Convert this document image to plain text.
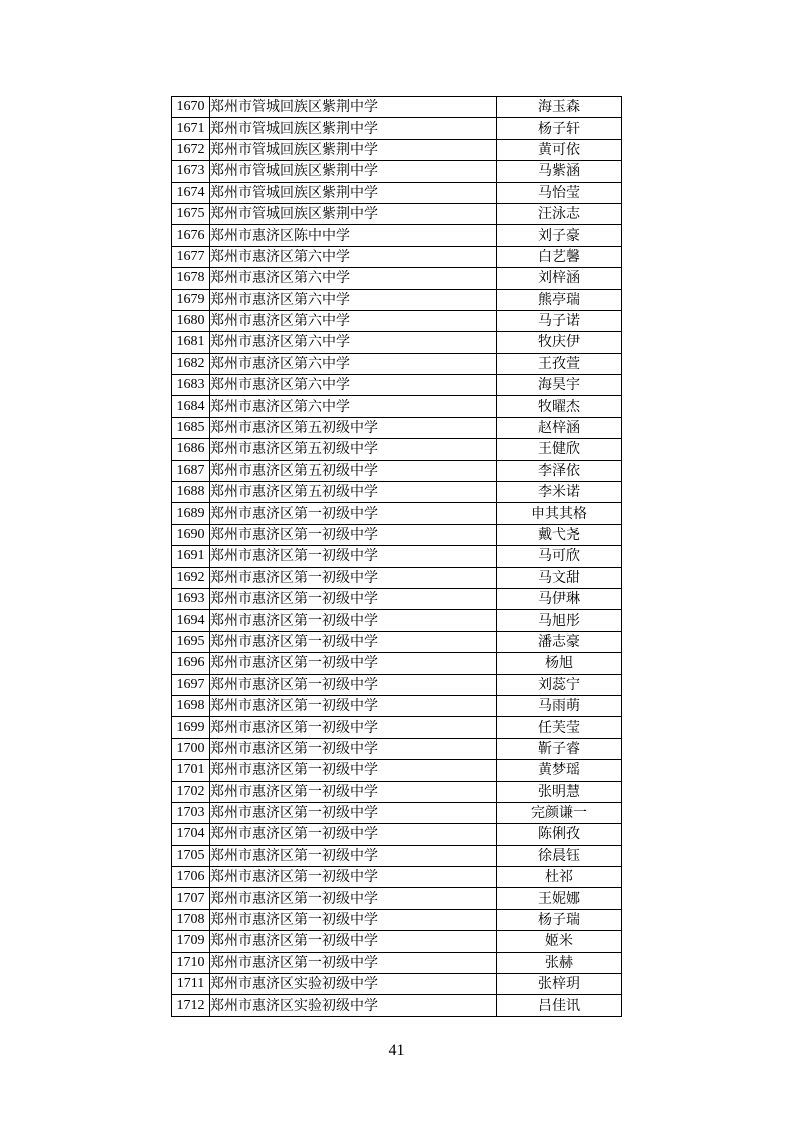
1670	郑州市管城回族区紫荆中学	海玉森
1671	郑州市管城回族区紫荆中学	杨子轩
1672	郑州市管城回族区紫荆中学	黄可依
1673	郑州市管城回族区紫荆中学	马紫涵
1674	郑州市管城回族区紫荆中学	马怡莹
1675	郑州市管城回族区紫荆中学	汪泳志
1676	郑州市惠济区陈中中学	刘子豪
1677	郑州市惠济区第六中学	白艺馨
1678	郑州市惠济区第六中学	刘梓涵
1679	郑州市惠济区第六中学	熊亭瑞
1680	郑州市惠济区第六中学	马子诺
1681	郑州市惠济区第六中学	牧庆伊
1682	郑州市惠济区第六中学	王孜萱
1683	郑州市惠济区第六中学	海昊宇
1684	郑州市惠济区第六中学	牧曜杰
1685	郑州市惠济区第五初级中学	赵梓涵
1686	郑州市惠济区第五初级中学	王健欣
1687	郑州市惠济区第五初级中学	李泽依
1688	郑州市惠济区第五初级中学	李米诺
1689	郑州市惠济区第一初级中学	申其其格
1690	郑州市惠济区第一初级中学	戴弋尧
1691	郑州市惠济区第一初级中学	马可欣
1692	郑州市惠济区第一初级中学	马文甜
1693	郑州市惠济区第一初级中学	马伊琳
1694	郑州市惠济区第一初级中学	马旭彤
1695	郑州市惠济区第一初级中学	潘志豪
1696	郑州市惠济区第一初级中学	杨旭
1697	郑州市惠济区第一初级中学	刘蕊宁
1698	郑州市惠济区第一初级中学	马雨萌
1699	郑州市惠济区第一初级中学	任芙莹
1700	郑州市惠济区第一初级中学	靳子睿
1701	郑州市惠济区第一初级中学	黄梦瑶
1702	郑州市惠济区第一初级中学	张明慧
1703	郑州市惠济区第一初级中学	完颜谦一
1704	郑州市惠济区第一初级中学	陈俐孜
1705	郑州市惠济区第一初级中学	徐晨钰
1706	郑州市惠济区第一初级中学	杜祁
1707	郑州市惠济区第一初级中学	王妮娜
1708	郑州市惠济区第一初级中学	杨子瑞
1709	郑州市惠济区第一初级中学	姬米
1710	郑州市惠济区第一初级中学	张赫
1711	郑州市惠济区实验初级中学	张梓玥
1712	郑州市惠济区实验初级中学	吕佳讯
41
